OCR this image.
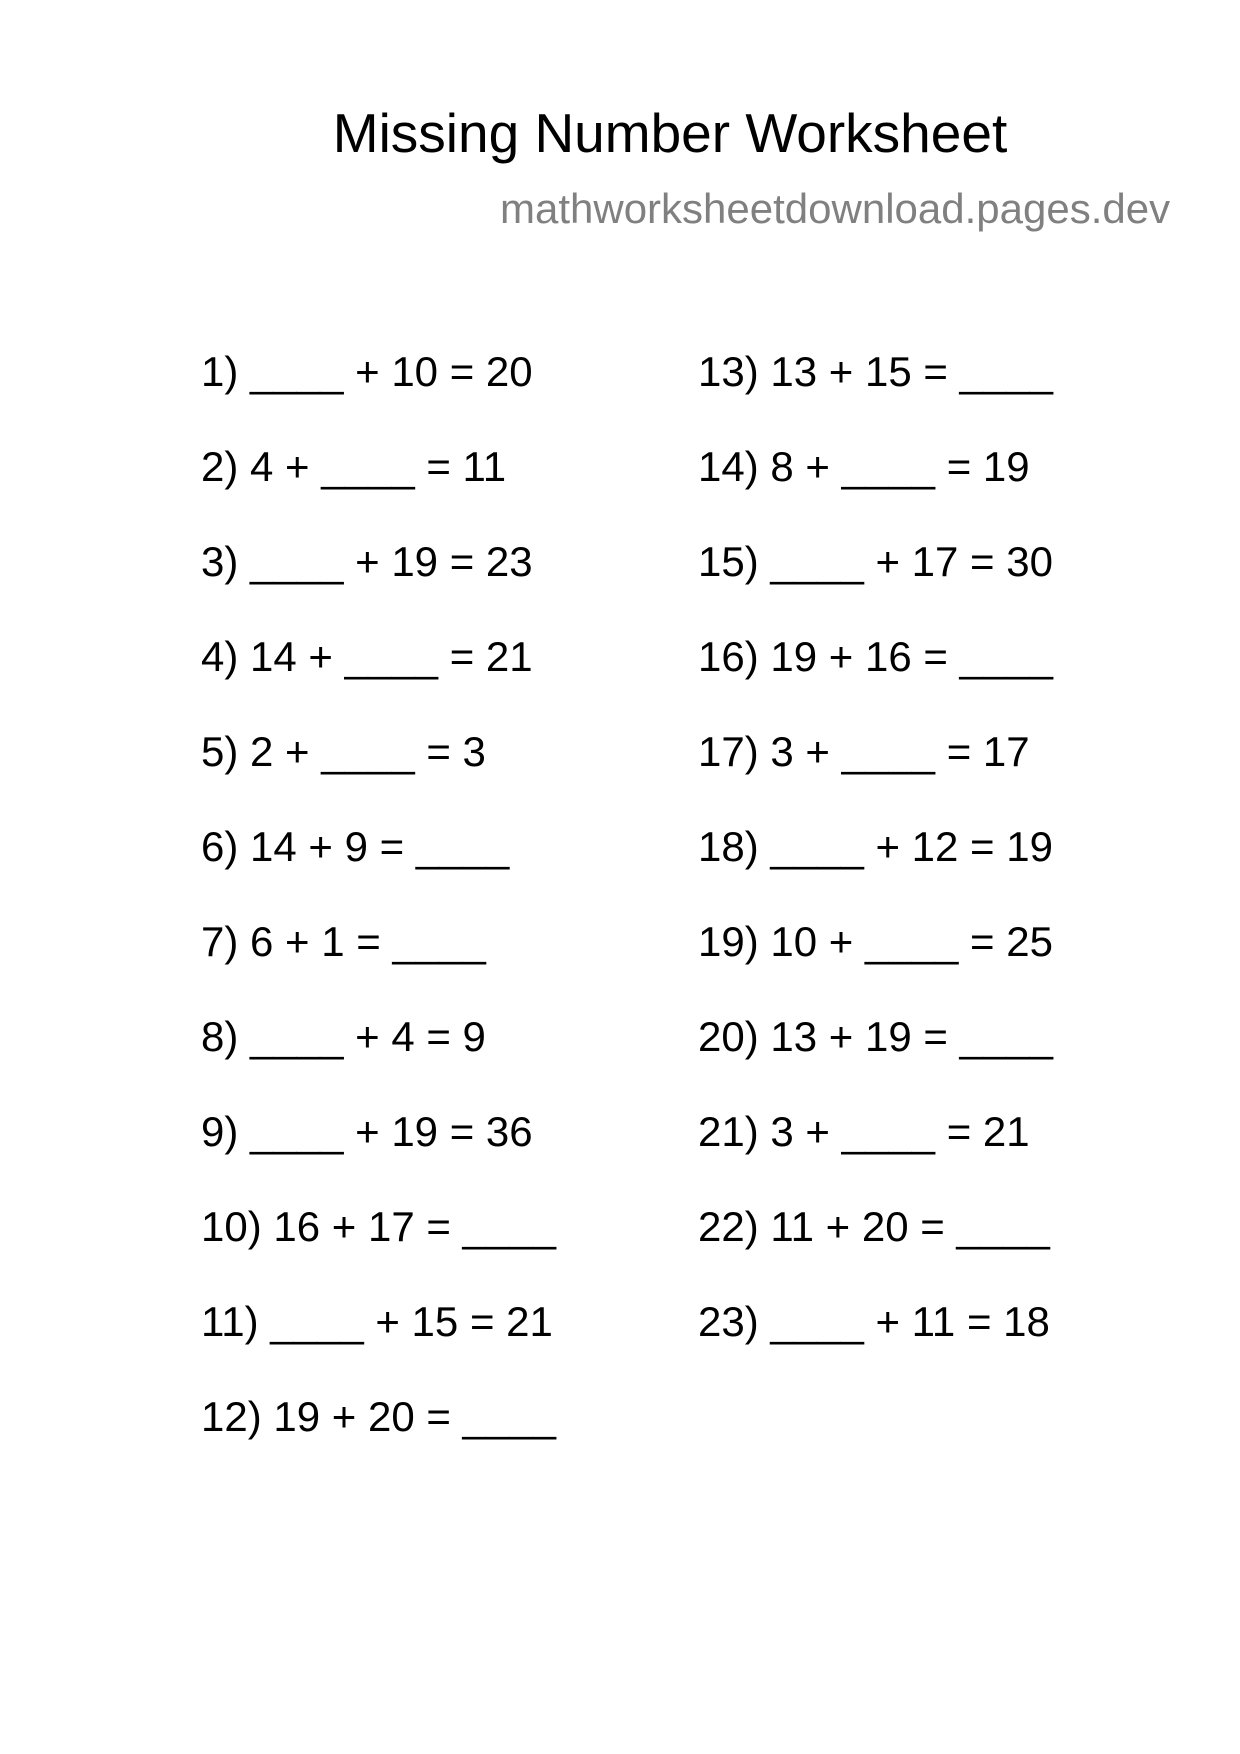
Missing Number Worksheet
mathworksheetdownload.pages.dev
1) ____ + 10 = 20
2) 4 + ____ = 11
3) ____ + 19 = 23
4) 14 + ____ = 21
5) 2 + ____ = 3
6) 14 + 9 = ____
7) 6 + 1 = ____
8) ____ + 4 = 9
9) ____ + 19 = 36
10) 16 + 17 = ____
11) ____ + 15 = 21
12) 19 + 20 = ____
13) 13 + 15 = ____
14) 8 + ____ = 19
15) ____ + 17 = 30
16) 19 + 16 = ____
17) 3 + ____ = 17
18) ____ + 12 = 19
19) 10 + ____ = 25
20) 13 + 19 = ____
21) 3 + ____ = 21
22) 11 + 20 = ____
23) ____ + 11 = 18
